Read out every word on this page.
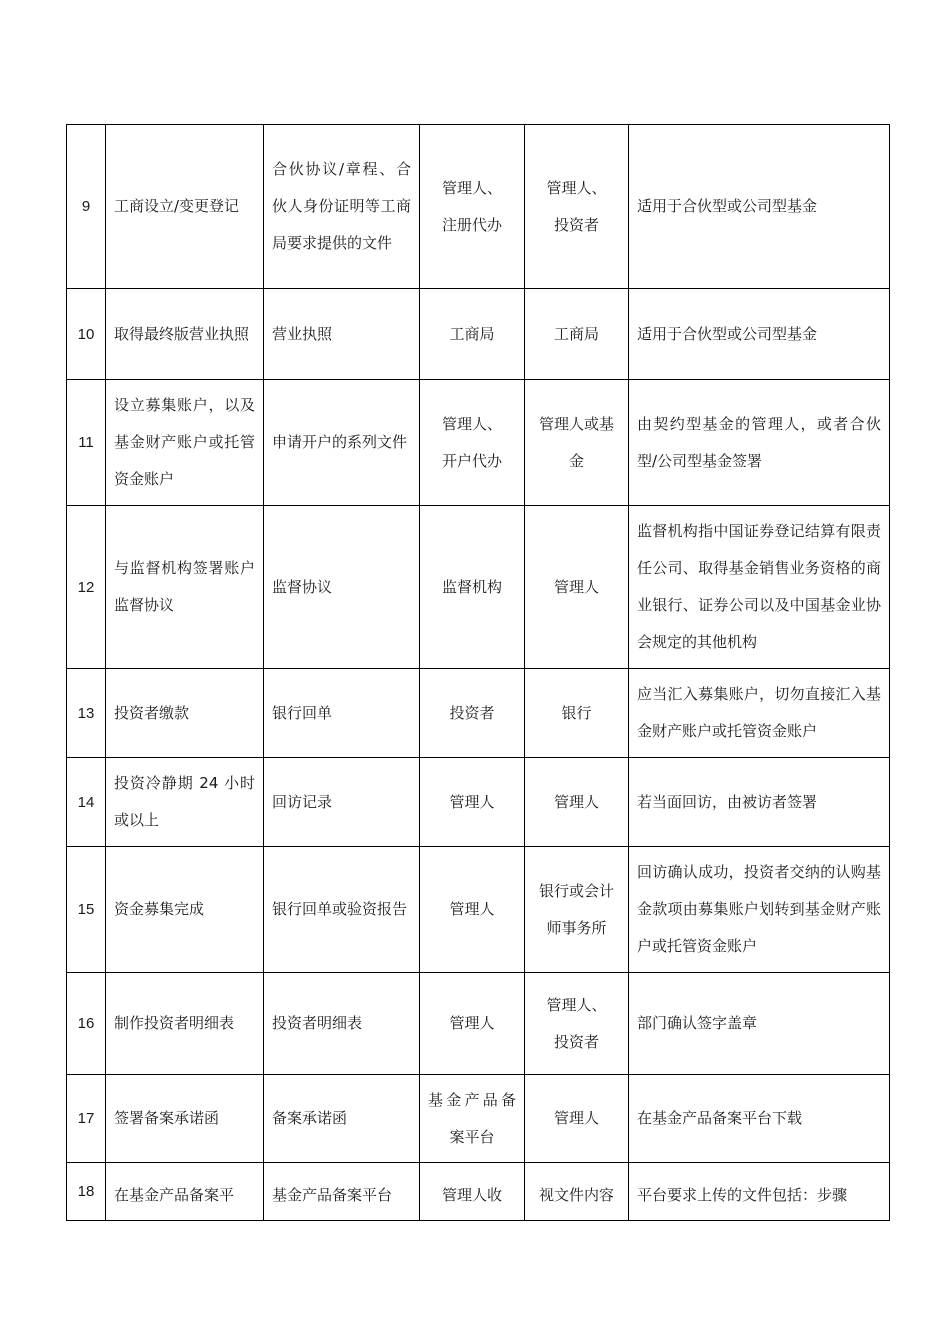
9	工商设立/变更登记	合伙协议/章程、合伙人身份证明等工商局要求提供的文件	管理人、
注册代办	管理人、
投资者	适用于合伙型或公司型基金
10	取得最终版营业执照	营业执照	工商局	工商局	适用于合伙型或公司型基金
11	设立募集账户，以及基金财产账户或托管资金账户	申请开户的系列文件	管理人、
开户代办	管理人或基金	由契约型基金的管理人，或者合伙型/公司型基金签署
12	与监督机构签署账户监督协议	监督协议	监督机构	管理人	监督机构指中国证券登记结算有限责任公司、取得基金销售业务资格的商业银行、证券公司以及中国基金业协会规定的其他机构
13	投资者缴款	银行回单	投资者	银行	应当汇入募集账户，切勿直接汇入基金财产账户或托管资金账户
14	投资冷静期 24 小时或以上	回访记录	管理人	管理人	若当面回访，由被访者签署
15	资金募集完成	银行回单或验资报告	管理人	银行或会计师事务所	回访确认成功，投资者交纳的认购基金款项由募集账户划转到基金财产账户或托管资金账户
16	制作投资者明细表	投资者明细表	管理人	管理人、
投资者	部门确认签字盖章
17	签署备案承诺函	备案承诺函	基金产品备案平台	管理人	在基金产品备案平台下载
18	在基金产品备案平	基金产品备案平台	管理人收	视文件内容	平台要求上传的文件包括：步骤
